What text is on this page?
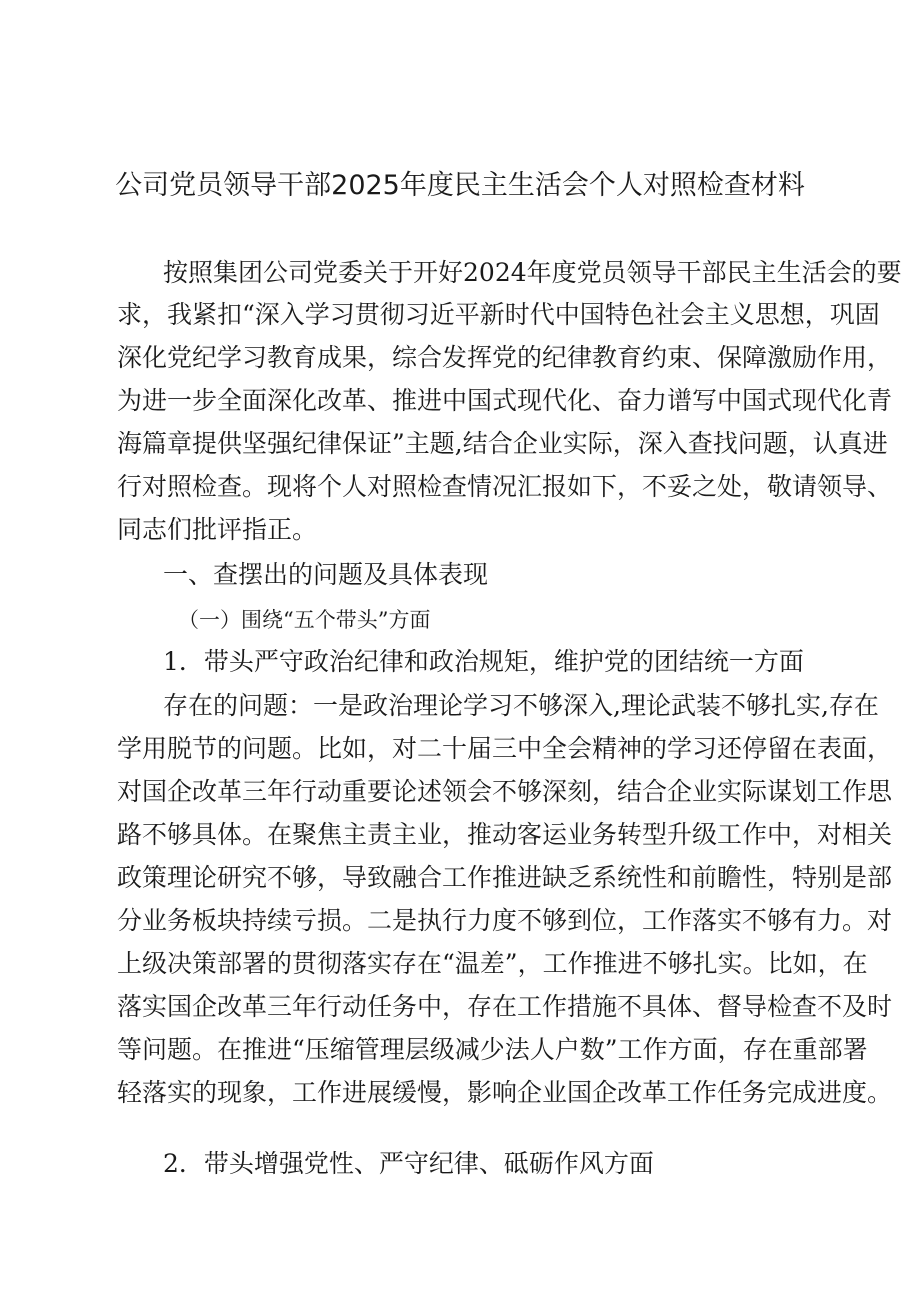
公司党员领导干部2025年度民主生活会个人对照检查材料
按照集团公司党委关于开好2024年度党员领导干部民主生活会的要
求，我紧扣“深入学习贯彻习近平新时代中国特色社会主义思想，巩固
深化党纪学习教育成果，综合发挥党的纪律教育约束、保障激励作用，
为进一步全面深化改革、推进中国式现代化、奋力谱写中国式现代化青
海篇章提供坚强纪律保证”主题,结合企业实际，深入查找问题，认真进
行对照检查。现将个人对照检查情况汇报如下，不妥之处，敬请领导、
同志们批评指正。
一、查摆出的问题及具体表现
（一）围绕“五个带头”方面
1．带头严守政治纪律和政治规矩，维护党的团结统一方面
存在的问题：一是政治理论学习不够深入,理论武装不够扎实,存在
学用脱节的问题。比如，对二十届三中全会精神的学习还停留在表面，
对国企改革三年行动重要论述领会不够深刻，结合企业实际谋划工作思
路不够具体。在聚焦主责主业，推动客运业务转型升级工作中，对相关
政策理论研究不够，导致融合工作推进缺乏系统性和前瞻性，特别是部
分业务板块持续亏损。二是执行力度不够到位，工作落实不够有力。对
上级决策部署的贯彻落实存在“温差”，工作推进不够扎实。比如，在
落实国企改革三年行动任务中，存在工作措施不具体、督导检查不及时
等问题。在推进“压缩管理层级减少法人户数”工作方面，存在重部署
轻落实的现象，工作进展缓慢，影响企业国企改革工作任务完成进度。
2．带头增强党性、严守纪律、砥砺作风方面
